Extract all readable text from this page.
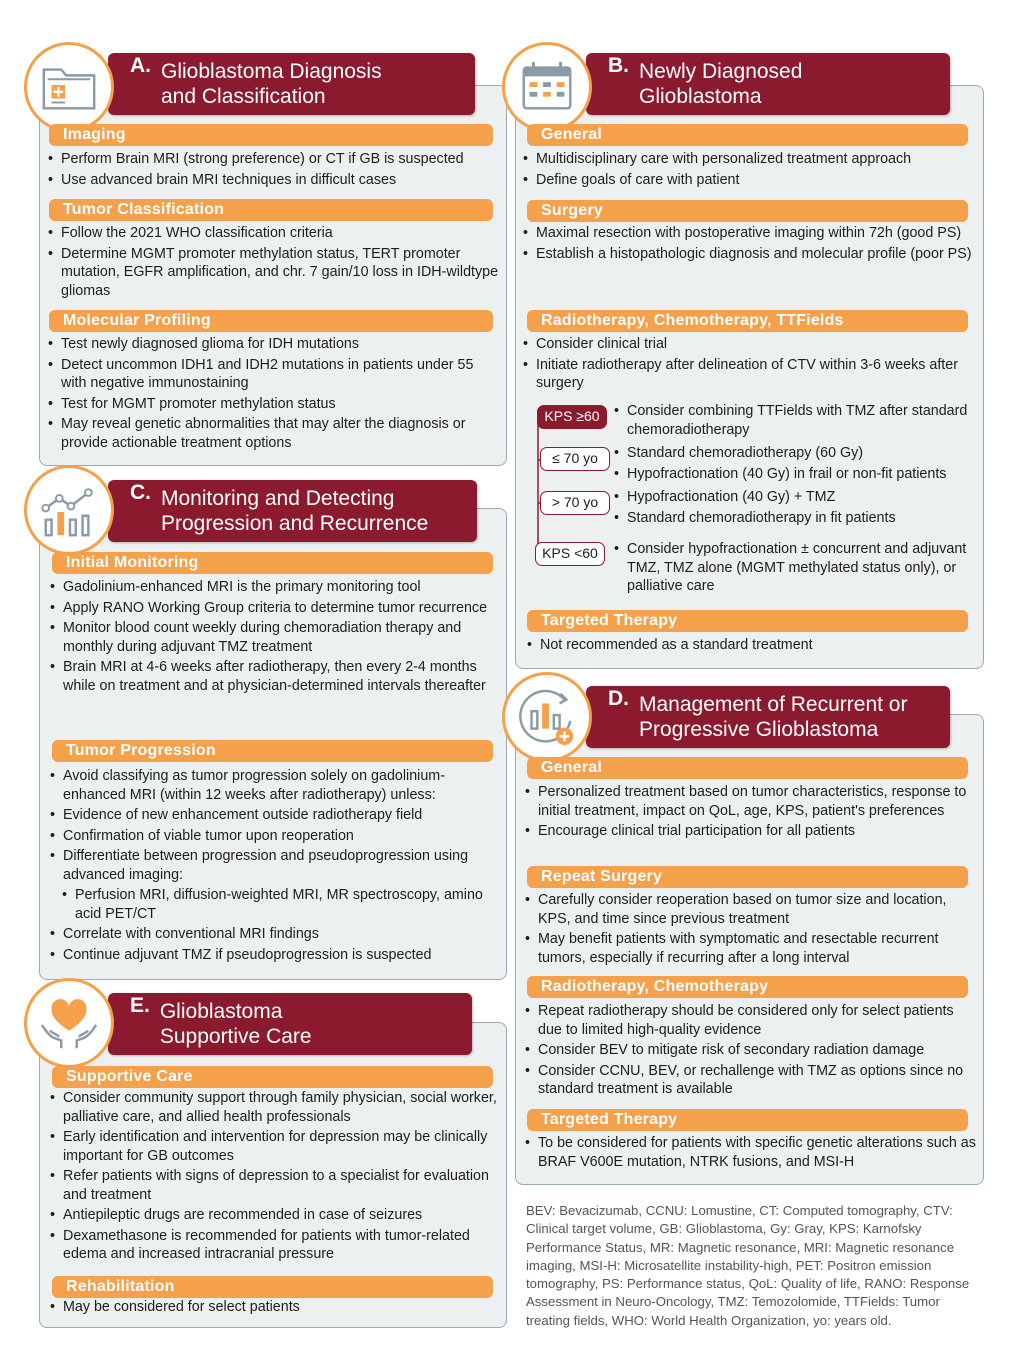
A. Glioblastoma Diagnosis
and Classification
Imaging
• Perform Brain MRI (strong preference) or CT if GB is suspected
• Use advanced brain MRI techniques in difficult cases
Tumor Classification
• Follow the 2021 WHO classification criteria
• Determine MGMT promoter methylation status, TERT promoter mutation, EGFR amplification, and chr. 7 gain/10 loss in IDH-wildtype gliomas
Molecular Profiling
• Test newly diagnosed glioma for IDH mutations
• Detect uncommon IDH1 and IDH2 mutations in patients under 55 with negative immunostaining
• Test for MGMT promoter methylation status
• May reveal genetic abnormalities that may alter the diagnosis or provide actionable treatment options
B. Newly Diagnosed
Glioblastoma
General
• Multidisciplinary care with personalized treatment approach
• Define goals of care with patient
Surgery
• Maximal resection with postoperative imaging within 72h (good PS)
• Establish a histopathologic diagnosis and molecular profile (poor PS)
Radiotherapy, Chemotherapy, TTFields
• Consider clinical trial
• Initiate radiotherapy after delineation of CTV within 3-6 weeks after surgery
KPS ≥60	• Consider combining TTFields with TMZ after standard chemoradiotherapy
≤ 70 yo	• Standard chemoradiotherapy (60 Gy)
• Hypofractionation (40 Gy) in frail or non-fit patients
> 70 yo	• Hypofractionation (40 Gy) + TMZ
• Standard chemoradiotherapy in fit patients
KPS <60	• Consider hypofractionation ± concurrent and adjuvant TMZ, TMZ alone (MGMT methylated status only), or palliative care
Targeted Therapy
• Not recommended as a standard treatment
C. Monitoring and Detecting
Progression and Recurrence
Initial Monitoring
• Gadolinium-enhanced MRI is the primary monitoring tool
• Apply RANO Working Group criteria to determine tumor recurrence
• Monitor blood count weekly during chemoradiation therapy and monthly during adjuvant TMZ treatment
• Brain MRI at 4-6 weeks after radiotherapy, then every 2-4 months while on treatment and at physician-determined intervals thereafter
Tumor Progression
• Avoid classifying as tumor progression solely on gadolinium-enhanced MRI (within 12 weeks after radiotherapy) unless:
• Evidence of new enhancement outside radiotherapy field
• Confirmation of viable tumor upon reoperation
• Differentiate between progression and pseudoprogression using advanced imaging:
• Perfusion MRI, diffusion-weighted MRI, MR spectroscopy, amino acid PET/CT
• Correlate with conventional MRI findings
• Continue adjuvant TMZ if pseudoprogression is suspected
D. Management of Recurrent or
Progressive Glioblastoma
General
• Personalized treatment based on tumor characteristics, response to initial treatment, impact on QoL, age, KPS, patient's preferences
• Encourage clinical trial participation for all patients
Repeat Surgery
• Carefully consider reoperation based on tumor size and location, KPS, and time since previous treatment
• May benefit patients with symptomatic and resectable recurrent tumors, especially if recurring after a long interval
Radiotherapy, Chemotherapy
• Repeat radiotherapy should be considered only for select patients due to limited high-quality evidence
• Consider BEV to mitigate risk of secondary radiation damage
• Consider CCNU, BEV, or rechallenge with TMZ as options since no standard treatment is available
Targeted Therapy
• To be considered for patients with specific genetic alterations such as BRAF V600E mutation, NTRK fusions, and MSI-H
E. Glioblastoma
Supportive Care
Supportive Care
• Consider community support through family physician, social worker, palliative care, and allied health professionals
• Early identification and intervention for depression may be clinically important for GB outcomes
• Refer patients with signs of depression to a specialist for evaluation and treatment
• Antiepileptic drugs are recommended in case of seizures
• Dexamethasone is recommended for patients with tumor-related edema and increased intracranial pressure
Rehabilitation
• May be considered for select patients
BEV: Bevacizumab, CCNU: Lomustine, CT: Computed tomography, CTV: Clinical target volume, GB: Glioblastoma, Gy: Gray, KPS: Karnofsky Performance Status, MR: Magnetic resonance, MRI: Magnetic resonance imaging, MSI-H: Microsatellite instability-high, PET: Positron emission tomography, PS: Performance status, QoL: Quality of life, RANO: Response Assessment in Neuro-Oncology, TMZ: Temozolomide, TTFields: Tumor treating fields, WHO: World Health Organization, yo: years old.
